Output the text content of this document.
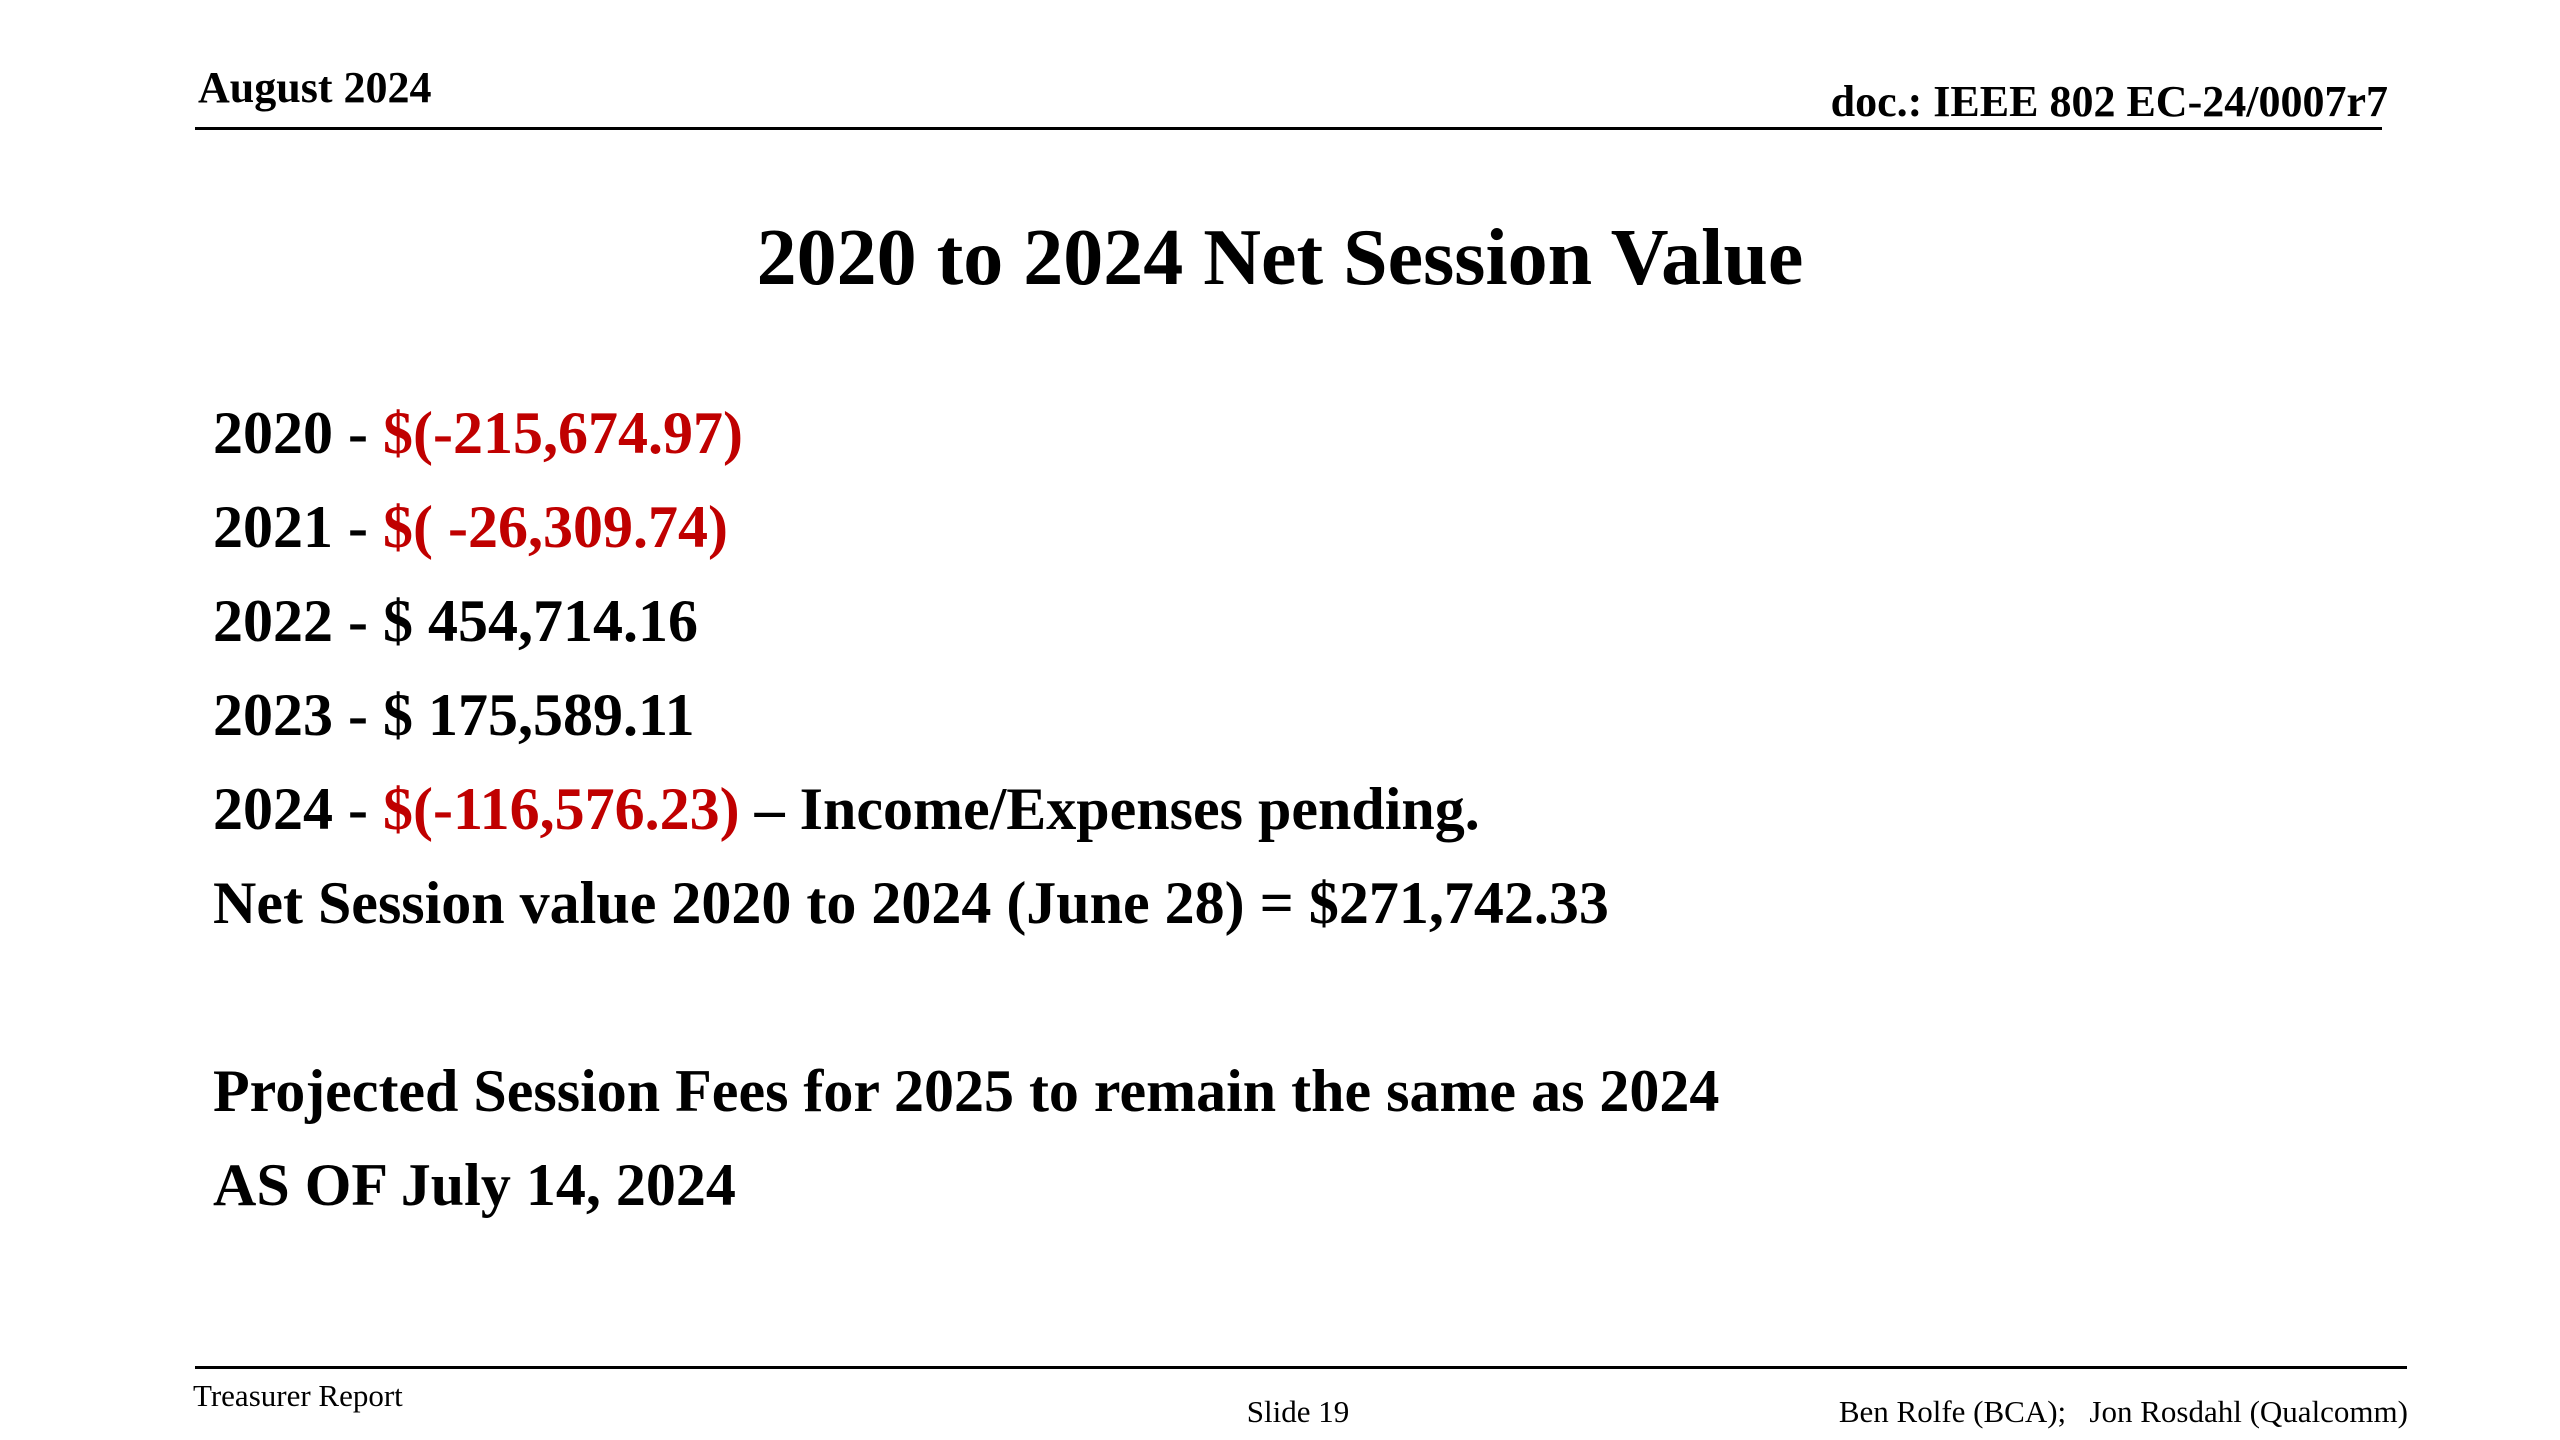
August 2024	doc.: IEEE 802 EC-24/0007r7
2020 to 2024 Net Session Value
2020 - $(-215,674.97)
2021 - $( -26,309.74)
2022 - $ 454,714.16
2023 - $ 175,589.11
2024 - $(-116,576.23) – Income/Expenses pending.
Net Session value 2020 to 2024 (June 28) = $271,742.33
Projected Session Fees for 2025 to remain the same as 2024
AS OF July 14, 2024
Treasurer Report	Slide 19	Ben Rolfe (BCA);   Jon Rosdahl (Qualcomm)
